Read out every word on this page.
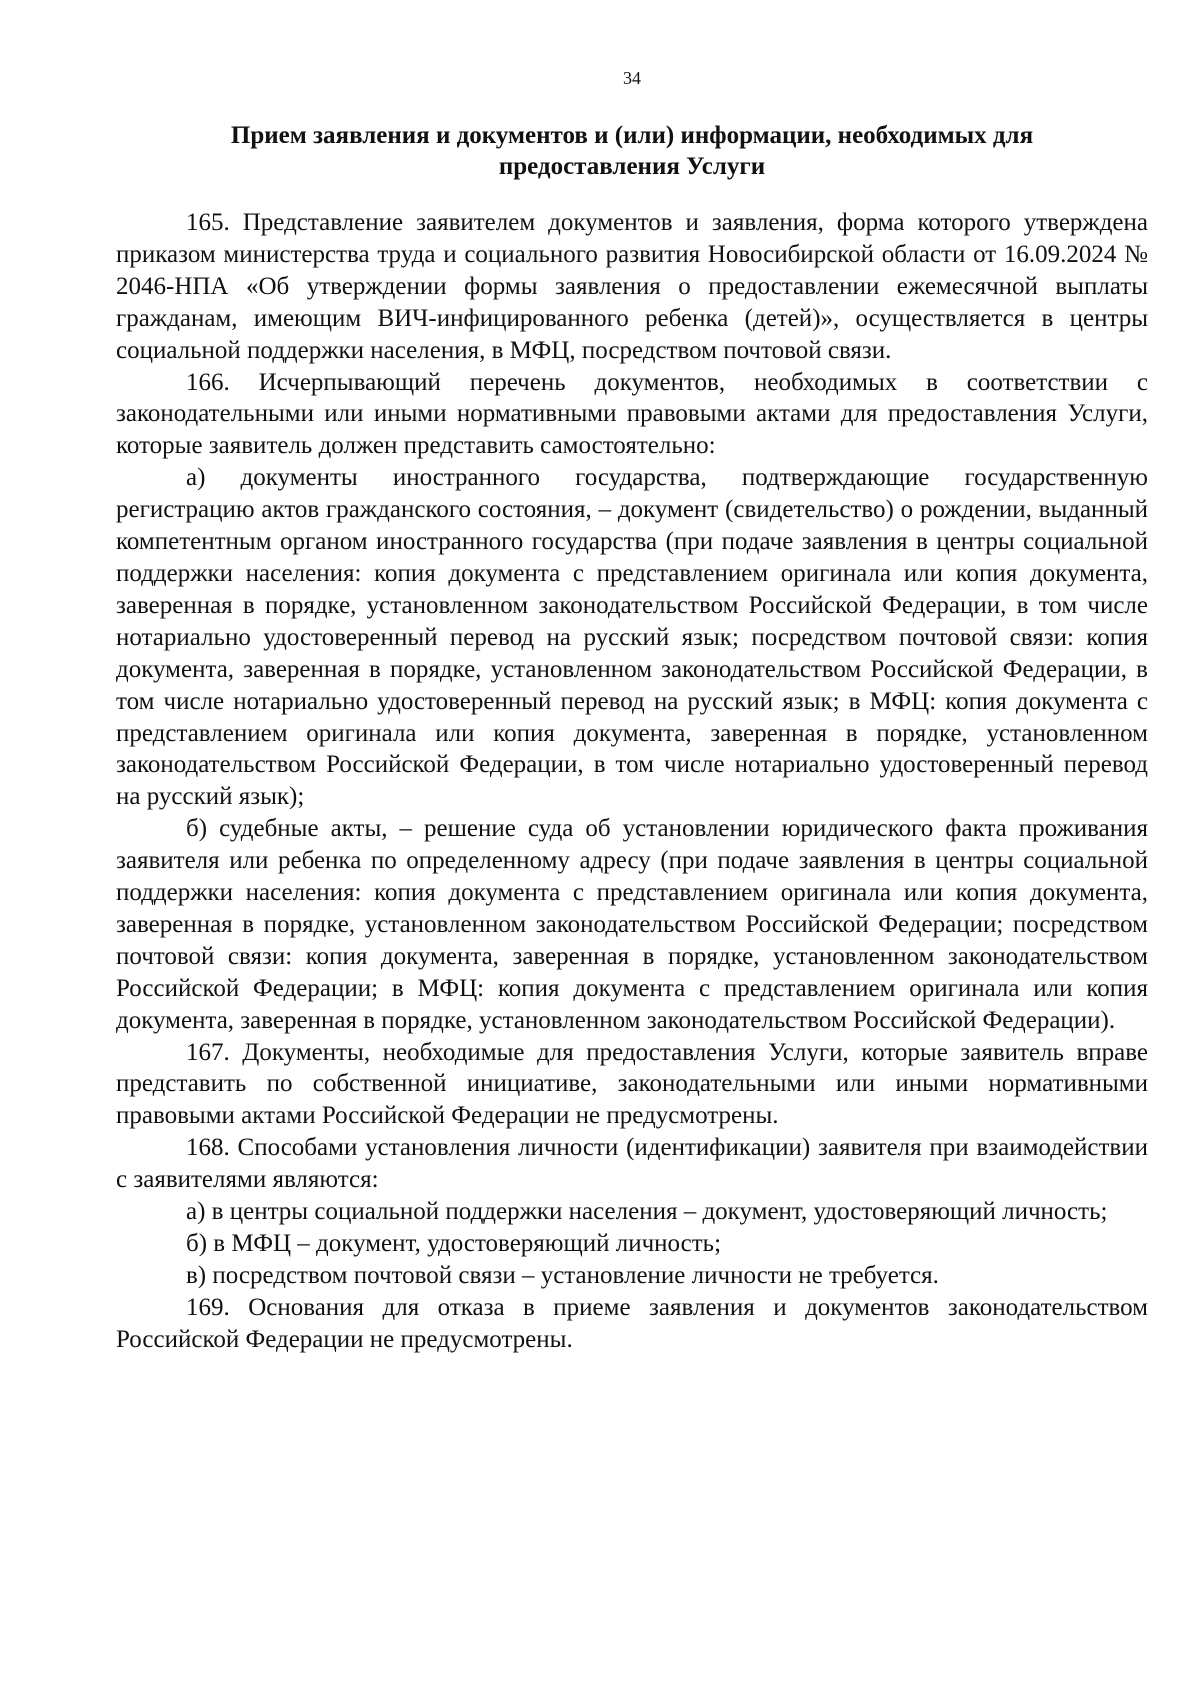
34
Прием заявления и документов и (или) информации, необходимых для
предоставления Услуги

165. Представление заявителем документов и заявления, форма которого утверждена приказом министерства труда и социального развития Новосибирской области от 16.09.2024 № 2046-НПА «Об утверждении формы заявления о предоставлении ежемесячной выплаты гражданам, имеющим ВИЧ-инфицированного ребенка (детей)», осуществляется в центры социальной поддержки населения, в МФЦ, посредством почтовой связи.

166. Исчерпывающий перечень документов, необходимых в соответствии с законодательными или иными нормативными правовыми актами для предоставления Услуги, которые заявитель должен представить самостоятельно:

а) документы иностранного государства, подтверждающие государственную регистрацию актов гражданского состояния, – документ (свидетельство) о рождении, выданный компетентным органом иностранного государства (при подаче заявления в центры социальной поддержки населения: копия документа с представлением оригинала или копия документа, заверенная в порядке, установленном законодательством Российской Федерации, в том числе нотариально удостоверенный перевод на русский язык; посредством почтовой связи: копия документа, заверенная в порядке, установленном законодательством Российской Федерации, в том числе нотариально удостоверенный перевод на русский язык; в МФЦ: копия документа с представлением оригинала или копия документа, заверенная в порядке, установленном законодательством Российской Федерации, в том числе нотариально удостоверенный перевод на русский язык);

б) судебные акты, – решение суда об установлении юридического факта проживания заявителя или ребенка по определенному адресу (при подаче заявления в центры социальной поддержки населения: копия документа с представлением оригинала или копия документа, заверенная в порядке, установленном законодательством Российской Федерации; посредством почтовой связи: копия документа, заверенная в порядке, установленном законодательством Российской Федерации; в МФЦ: копия документа с представлением оригинала или копия документа, заверенная в порядке, установленном законодательством Российской Федерации).

167. Документы, необходимые для предоставления Услуги, которые заявитель вправе представить по собственной инициативе, законодательными или иными нормативными правовыми актами Российской Федерации не предусмотрены.

168. Способами установления личности (идентификации) заявителя при взаимодействии с заявителями являются:

а) в центры социальной поддержки населения – документ, удостоверяющий личность;

б) в МФЦ – документ, удостоверяющий личность;

в) посредством почтовой связи – установление личности не требуется.

169. Основания для отказа в приеме заявления и документов законодательством Российской Федерации не предусмотрены.
